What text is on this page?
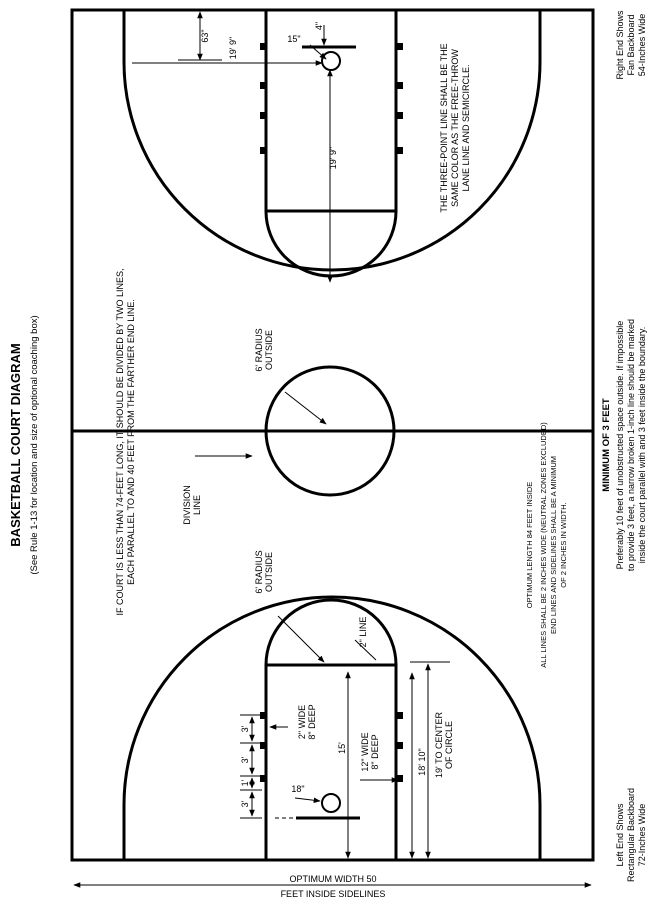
BASKETBALL COURT DIAGRAM (See Rule 1-13 for location and size of optional coaching box)	IF COURT IS LESS THAN 74-FEET LONG, IT SHOULD BE DIVIDED BY TWO LINES, EACH PARALLEL TO AND 40 FEET FROM THE FARTHER END LINE.
THE THREE-POINT LINE SHALL BE THE SAME COLOR AS THE FREE-THROW LANE LINE AND SEMICIRCLE.
OPTIMUM LENGTH 84 FEET INSIDE ALL LINES SHALL BE 2 INCHES WIDE (NEUTRAL ZONES EXCLUDED) END LINES AND SIDELINES SHALL BE A MINIMUM OF 2 INCHES IN WIDTH.
MINIMUM OF 3 FEET Preferably 10 feet of unobstructed space outside. If impossible to provide 3 feet, a narrow broken 1-inch line should be marked inside the court parallel with and 3 feet inside the boundary.
Left End Shows Rectangular Backboard 72-Inches Wide
Right End Shows Fan Backboard 54-Inches Wide
OPTIMUM WIDTH 50
FEET INSIDE SIDELINES
6' RADIUS OUTSIDE
6' RADIUS OUTSIDE
DIVISION LINE
2" LINE
2" WIDE 8" DEEP
12" WIDE 8" DEEP	19' TO CENTER OF CIRCLE
63"
19' 9"	15"
4"
19' 9"
18' 10"
15'
18"
3'
3'
1'
3'
